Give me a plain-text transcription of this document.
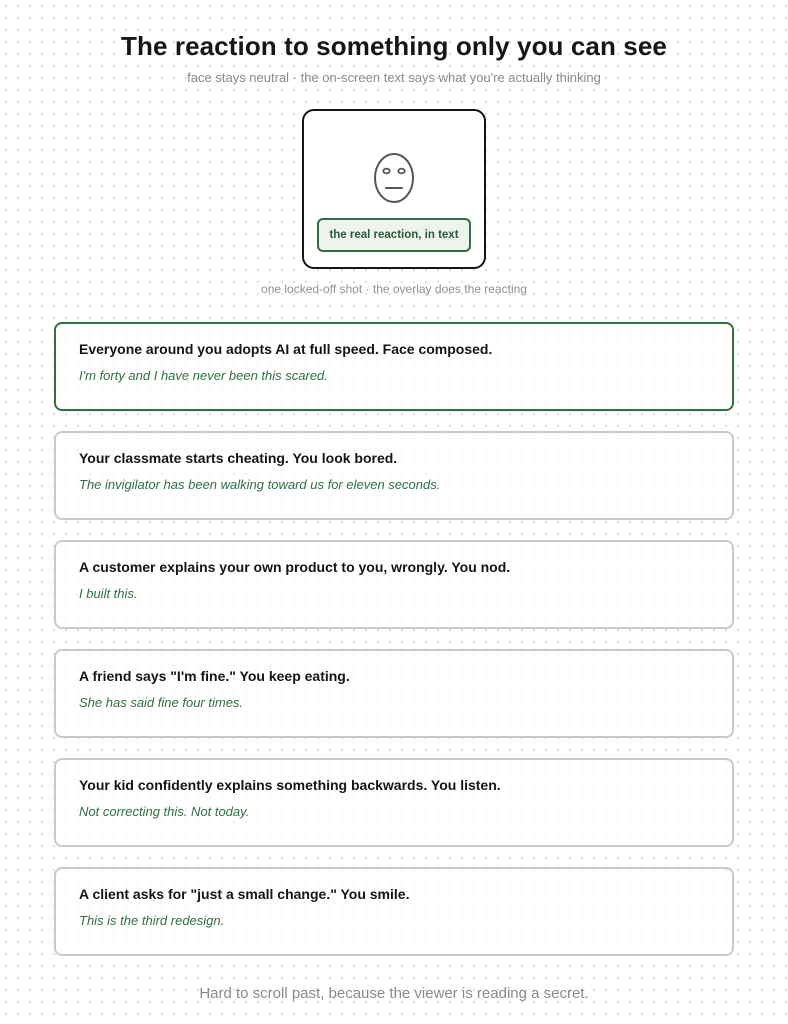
The reaction to something only you can see
face stays neutral · the on-screen text says what you're actually thinking
the real reaction, in text
one locked-off shot · the overlay does the reacting
Everyone around you adopts AI at full speed. Face composed.
I'm forty and I have never been this scared.
Your classmate starts cheating. You look bored.
The invigilator has been walking toward us for eleven seconds.
A customer explains your own product to you, wrongly. You nod.
I built this.
A friend says "I'm fine." You keep eating.
She has said fine four times.
Your kid confidently explains something backwards. You listen.
Not correcting this. Not today.
A client asks for "just a small change." You smile.
This is the third redesign.
Hard to scroll past, because the viewer is reading a secret.
